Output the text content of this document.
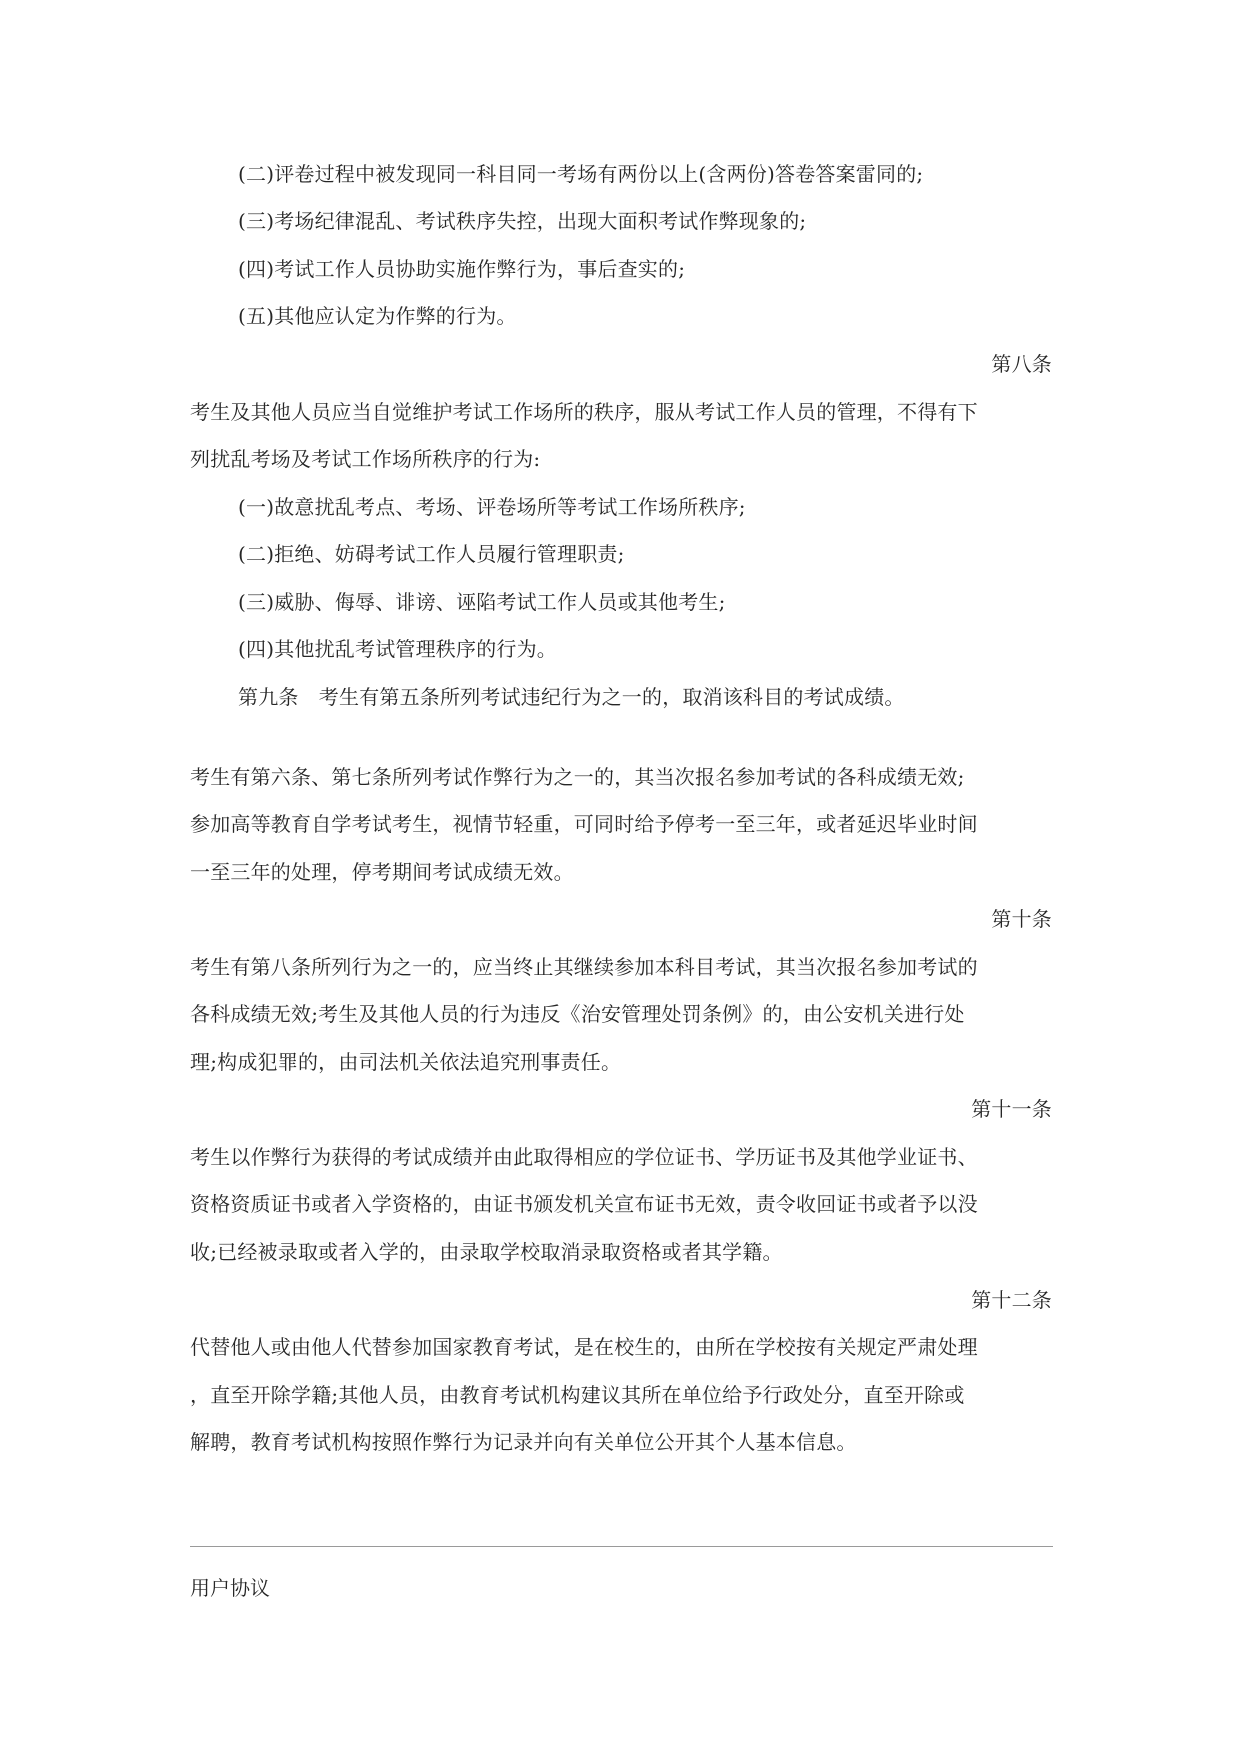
(二)评卷过程中被发现同一科目同一考场有两份以上(含两份)答卷答案雷同的;
(三)考场纪律混乱、考试秩序失控，出现大面积考试作弊现象的;
(四)考试工作人员协助实施作弊行为，事后查实的;
(五)其他应认定为作弊的行为。
第八条
考生及其他人员应当自觉维护考试工作场所的秩序，服从考试工作人员的管理，不得有下
列扰乱考场及考试工作场所秩序的行为:
(一)故意扰乱考点、考场、评卷场所等考试工作场所秩序;
(二)拒绝、妨碍考试工作人员履行管理职责;
(三)威胁、侮辱、诽谤、诬陷考试工作人员或其他考生;
(四)其他扰乱考试管理秩序的行为。
第九条　考生有第五条所列考试违纪行为之一的，取消该科目的考试成绩。
考生有第六条、第七条所列考试作弊行为之一的，其当次报名参加考试的各科成绩无效;
参加高等教育自学考试考生，视情节轻重，可同时给予停考一至三年，或者延迟毕业时间
一至三年的处理，停考期间考试成绩无效。
第十条
考生有第八条所列行为之一的，应当终止其继续参加本科目考试，其当次报名参加考试的
各科成绩无效;考生及其他人员的行为违反《治安管理处罚条例》的，由公安机关进行处
理;构成犯罪的，由司法机关依法追究刑事责任。
第十一条
考生以作弊行为获得的考试成绩并由此取得相应的学位证书、学历证书及其他学业证书、
资格资质证书或者入学资格的，由证书颁发机关宣布证书无效，责令收回证书或者予以没
收;已经被录取或者入学的，由录取学校取消录取资格或者其学籍。
第十二条
代替他人或由他人代替参加国家教育考试，是在校生的，由所在学校按有关规定严肃处理
，直至开除学籍;其他人员，由教育考试机构建议其所在单位给予行政处分，直至开除或
解聘，教育考试机构按照作弊行为记录并向有关单位公开其个人基本信息。
用户协议
